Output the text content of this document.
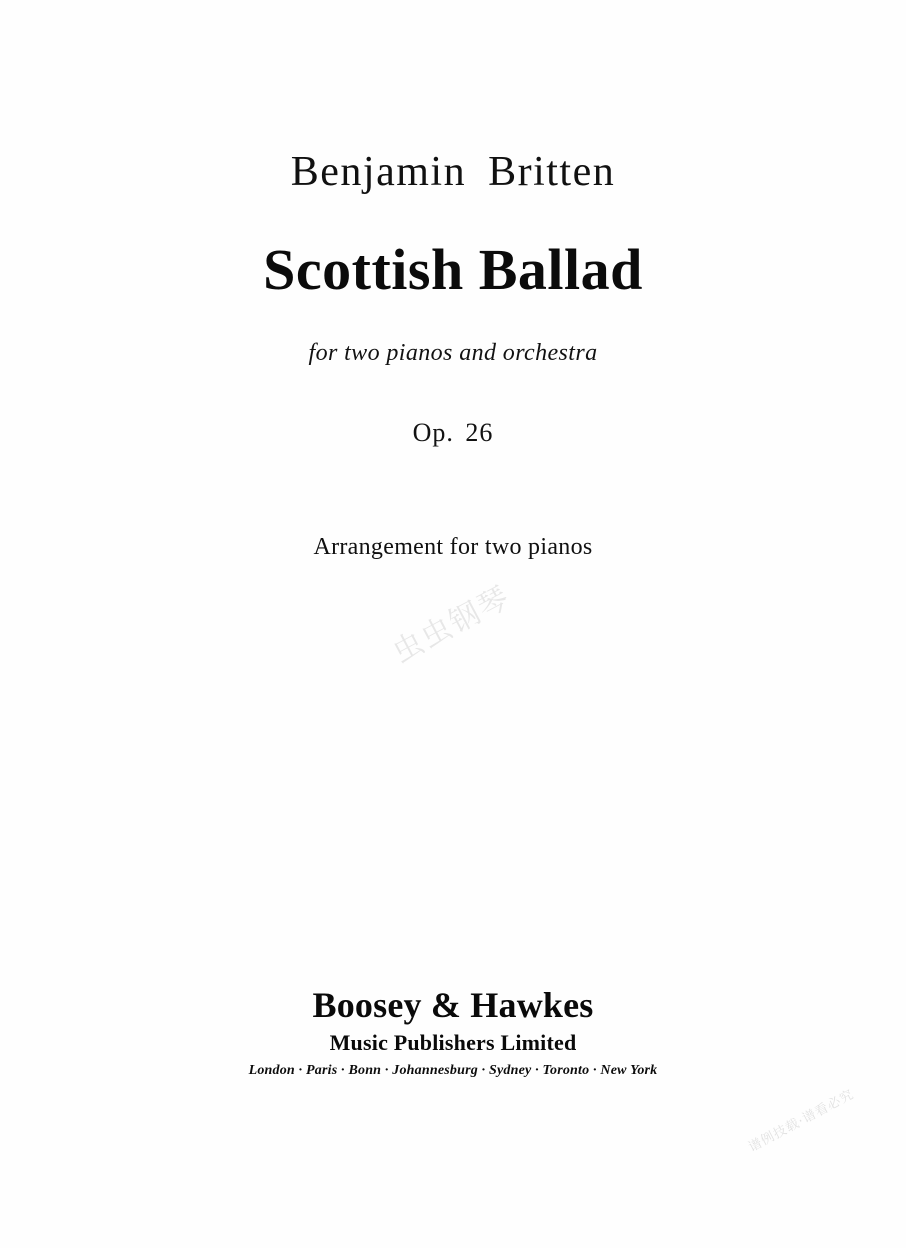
Benjamin Britten
Scottish Ballad
for two pianos and orchestra
Op. 26
Arrangement for two pianos
虫虫钢琴
谱例技载·谱看必究
Boosey & Hawkes
Music Publishers Limited
London · Paris · Bonn · Johannesburg · Sydney · Toronto · New York
